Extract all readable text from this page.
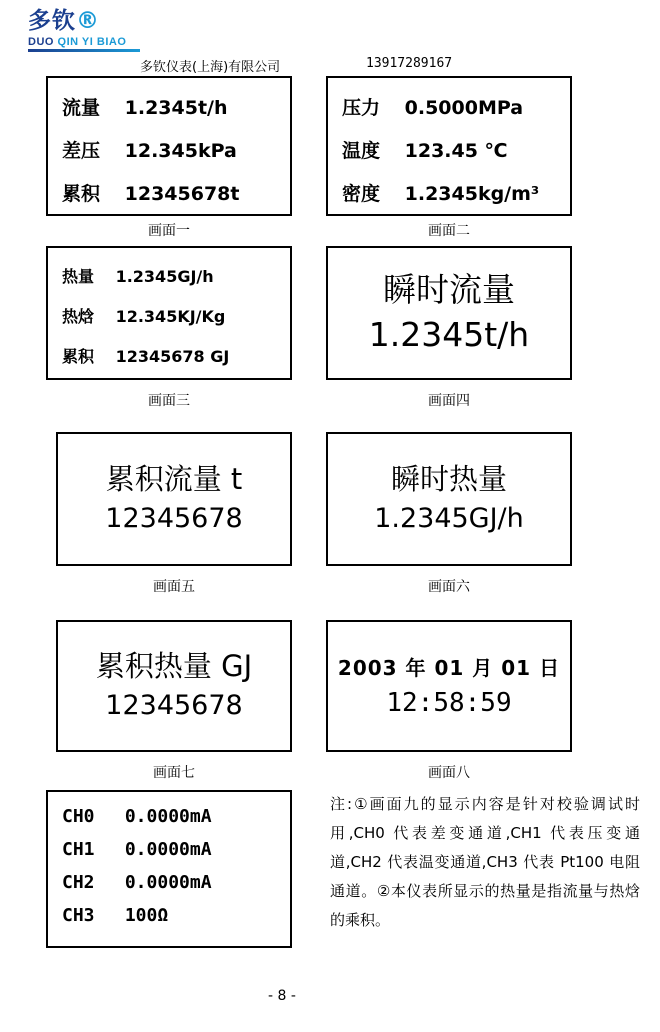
多钦®
DUO QIN YI BIAO
多钦仪表(上海)有限公司	13917289167
流量 1.2345t/h
差压 12.345kPa
累积 12345678t
画面一
压力 0.5000MPa
温度 123.45 ℃
密度 1.2345kg/m³
画面二
热量 1.2345GJ/h
热焓 12.345KJ/Kg
累积 12345678 GJ
画面三
瞬时流量
1.2345t/h
画面四
累积流量 t
12345678
画面五
瞬时热量
1.2345GJ/h
画面六
累积热量 GJ
12345678
画面七
2003 年 01 月 01 日
12:58:59
画面八
CH0 0.0000mA
CH1 0.0000mA
CH2 0.0000mA
CH3 100Ω

注:①画面九的显示内容是针对校验调试时用,CH0 代表差变通道,CH1 代表压变通道,CH2 代表温变通道,CH3 代表 Pt100 电阻通道。②本仪表所显示的热量是指流量与热焓的乘积。

- 8 -
